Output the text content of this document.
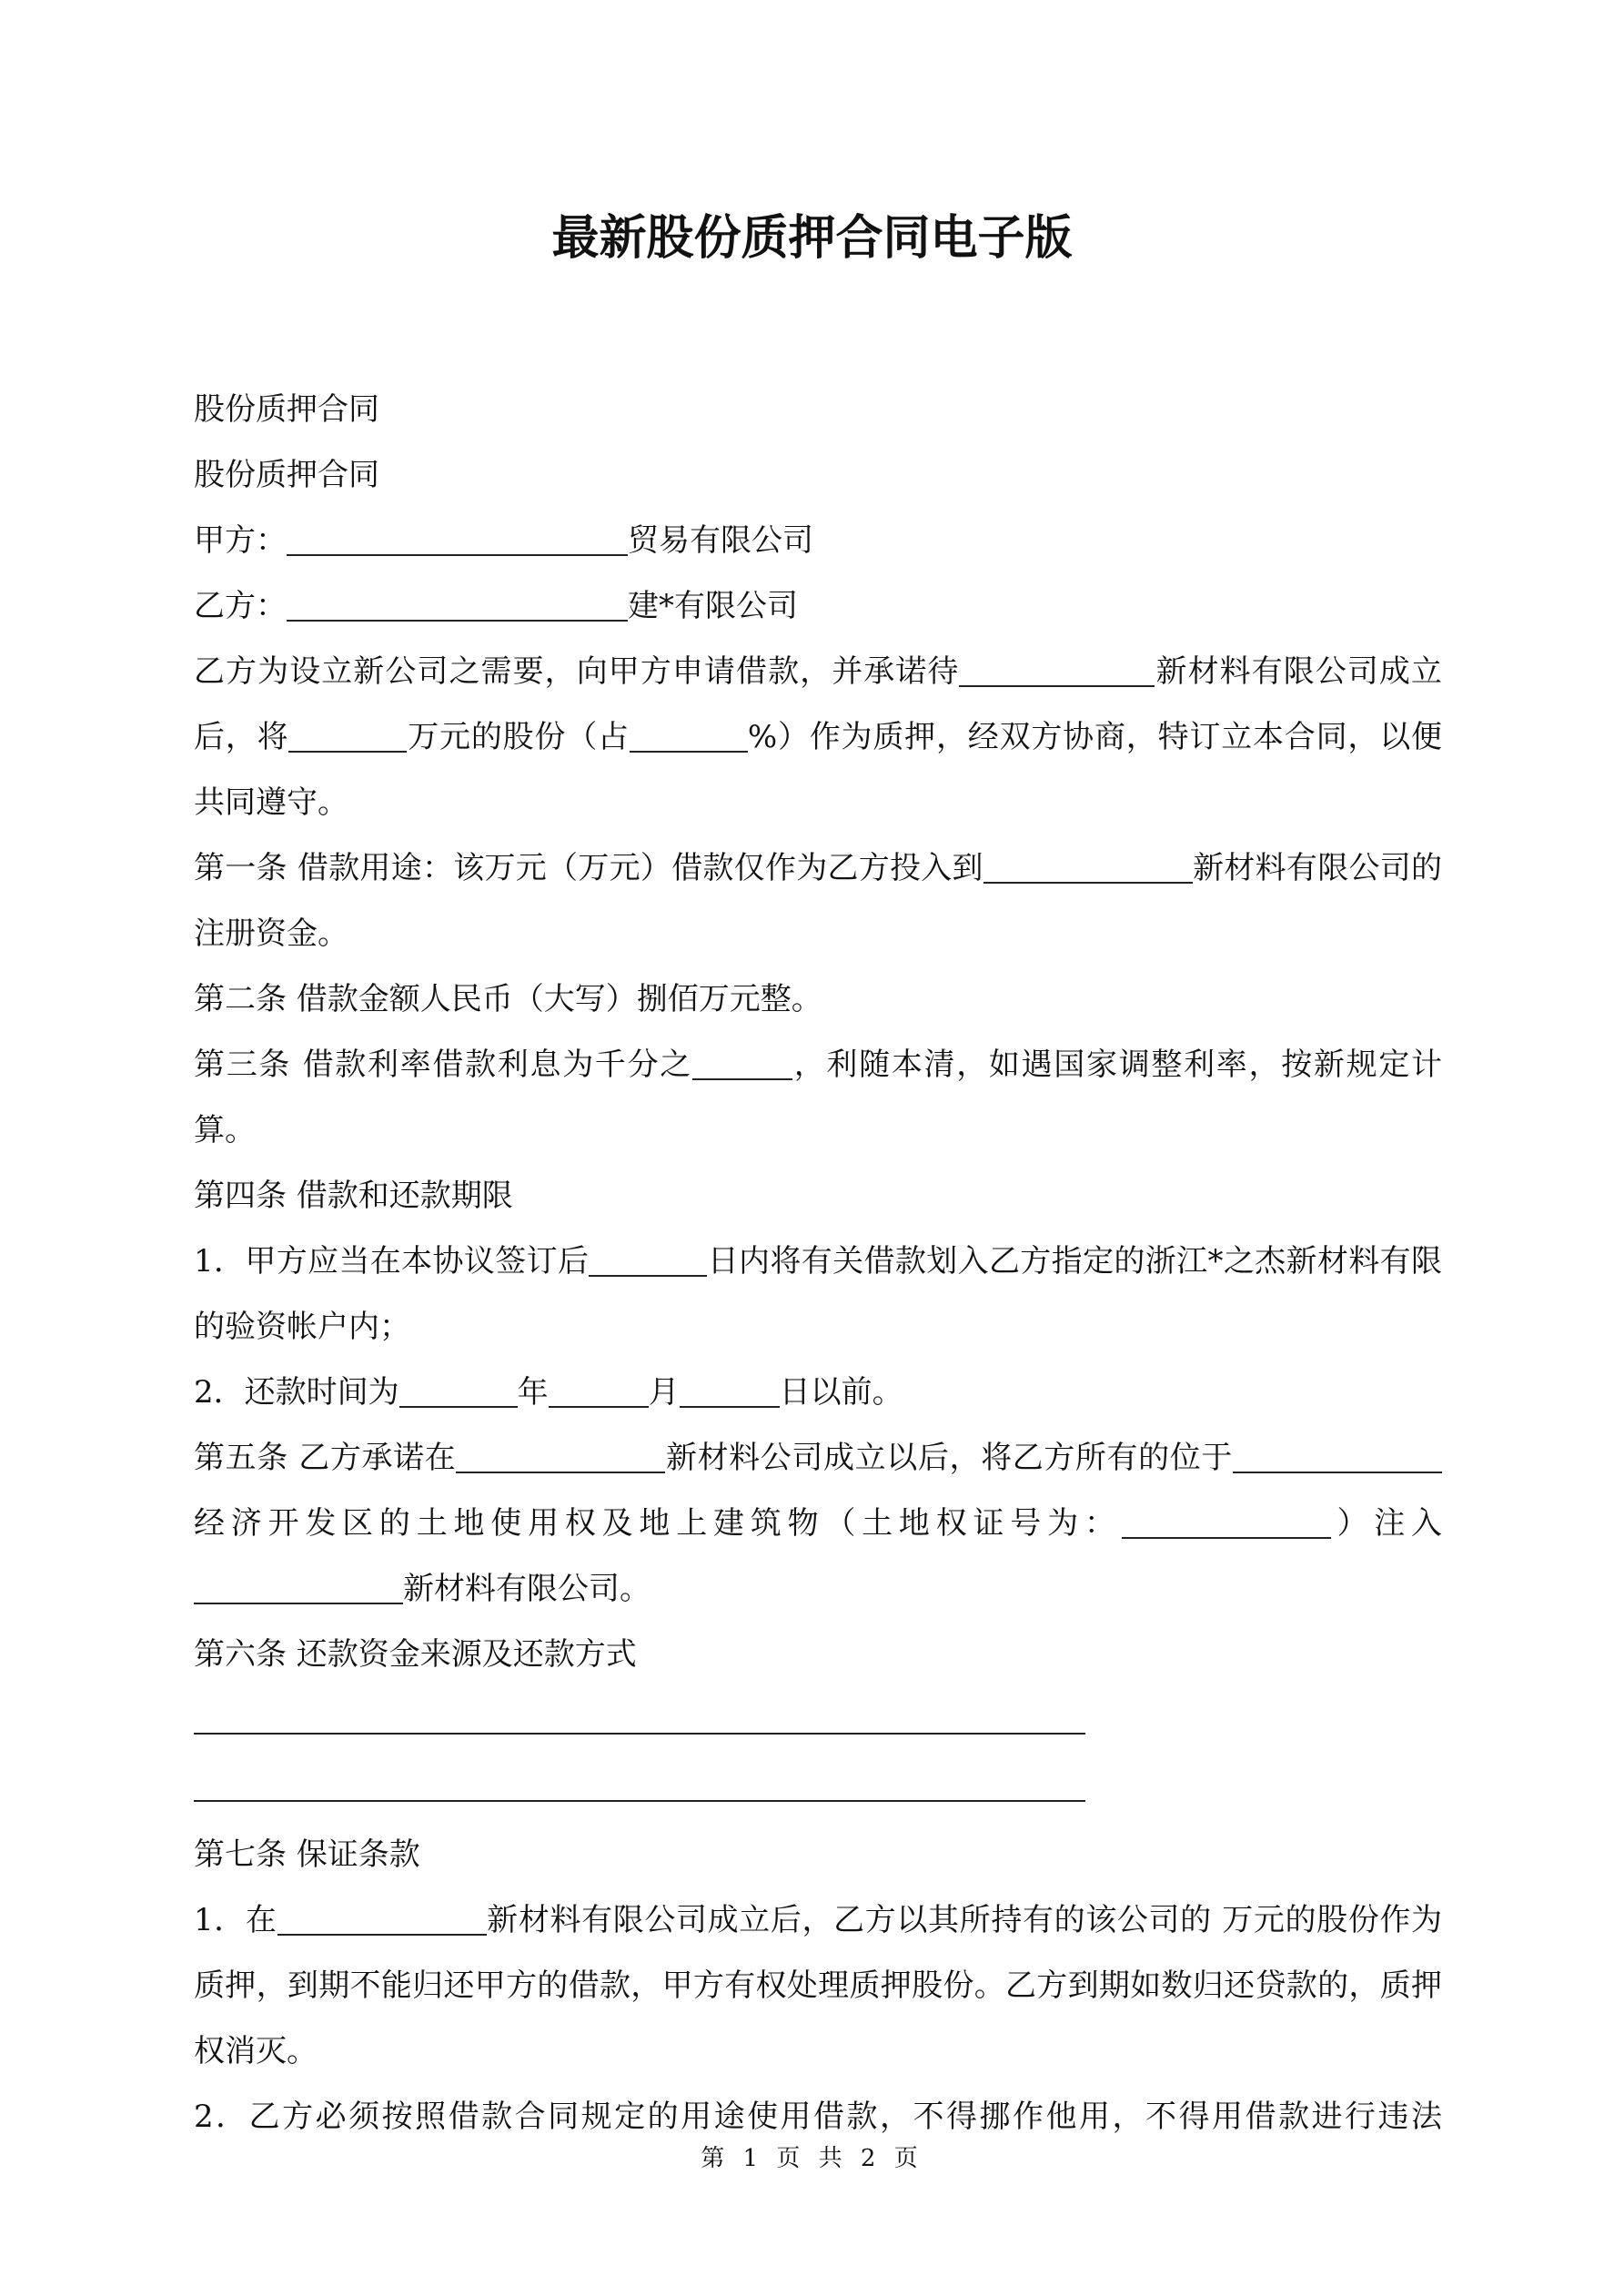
最新股份质押合同电子版

股份质押合同

股份质押合同

甲方：	贸易有限公司

乙方：	建*有限公司

乙方为设立新公司之需要，向甲方申请借款，并承诺待	新材料有限公司成立后，将	万元的股份（占	%）作为质押，经双方协商，特订立本合同，以便共同遵守。

第一条 借款用途：该万元（万元）借款仅作为乙方投入到	新材料有限公司的注册资金。

第二条 借款金额人民币（大写）捌佰万元整。

第三条 借款利率借款利息为千分之	，利随本清，如遇国家调整利率，按新规定计算。

第四条 借款和还款期限

1．甲方应当在本协议签订后	日内将有关借款划入乙方指定的浙江*之杰新材料有限的验资帐户内；

2．还款时间为	年	月	日以前。

第五条 乙方承诺在	新材料公司成立以后，将乙方所有的位于经济开发区的土地使用权及地上建筑物（土地权证号为：	）注入新材料有限公司。

第六条 还款资金来源及还款方式

第七条 保证条款

1．在	新材料有限公司成立后，乙方以其所持有的该公司的 万元的股份作为质押，到期不能归还甲方的借款，甲方有权处理质押股份。乙方到期如数归还贷款的，质押权消灭。

2．乙方必须按照借款合同规定的用途使用借款，不得挪作他用，不得用借款进行违法

第 1 页 共 2 页
